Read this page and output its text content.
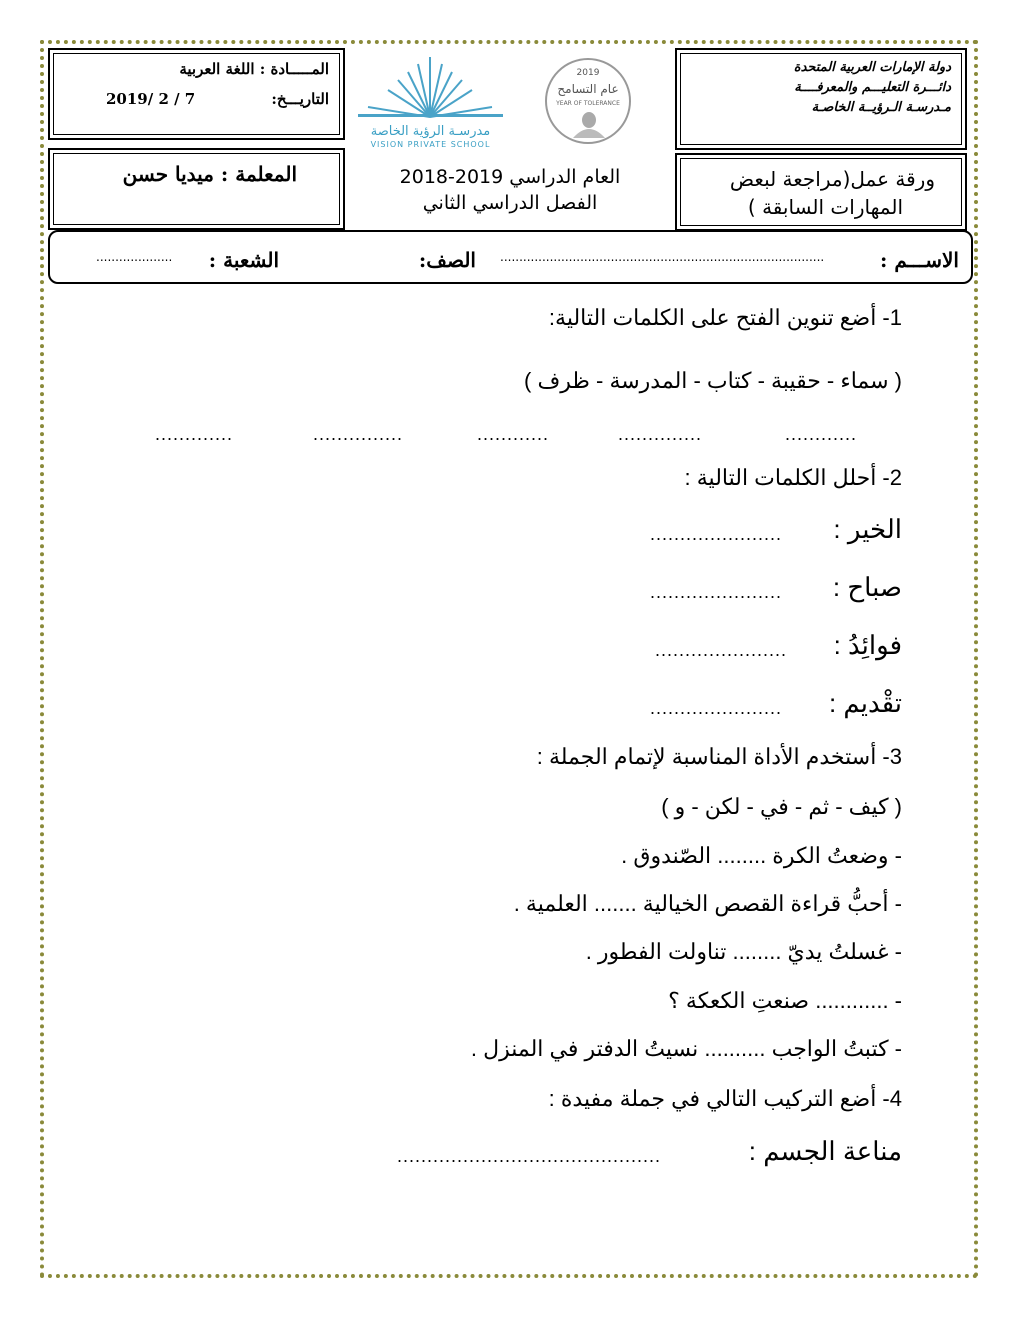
المـــــادة : اللغة العربية
التاريـــخ:
2019/ 2 / 7
مدرسـة الرؤية الخاصة
VISION PRIVATE SCHOOL
2019
عام التسامح
YEAR OF TOLERANCE
دولة الإمارات العربية المتحدة
دائـــرة التعليـــم والمعرفــــة
مـدرسـة الـرؤيــة الخاصـة
المعلمة : ميديا حسن	العام الدراسي 2019-2018
الفصل الدراسي الثاني
ورقة عمل(مراجعة لبعض
المهارات السابقة )
الاســـم :
.....................................................................................
الصف:
الشعبة :
....................
1- أضع تنوين الفتح على الكلمات التالية:
( سماء - حقيبة - كتاب - المدرسة - ظرف )
............
..............
............
...............
.............
2- أحلل الكلمات التالية :
الخير :
......................
صباح :
......................
فوائِدُ :
......................
تقْديم :
......................
3- أستخدم الأداة المناسبة لإتمام الجملة :
( كيف - ثم - في - لكن - و )
- وضعتُ الكرة ........ الصّندوق .
- أحبُّ قراءة القصص الخيالية ....... العلمية .
- غسلتُ يديّ ........ تناولت الفطور .
- ............ صنعتِ الكعكة ؟
- كتبتُ الواجب .......... نسيتُ الدفتر في المنزل .
4- أضع التركيب التالي في جملة مفيدة :
مناعة الجسم :
............................................
